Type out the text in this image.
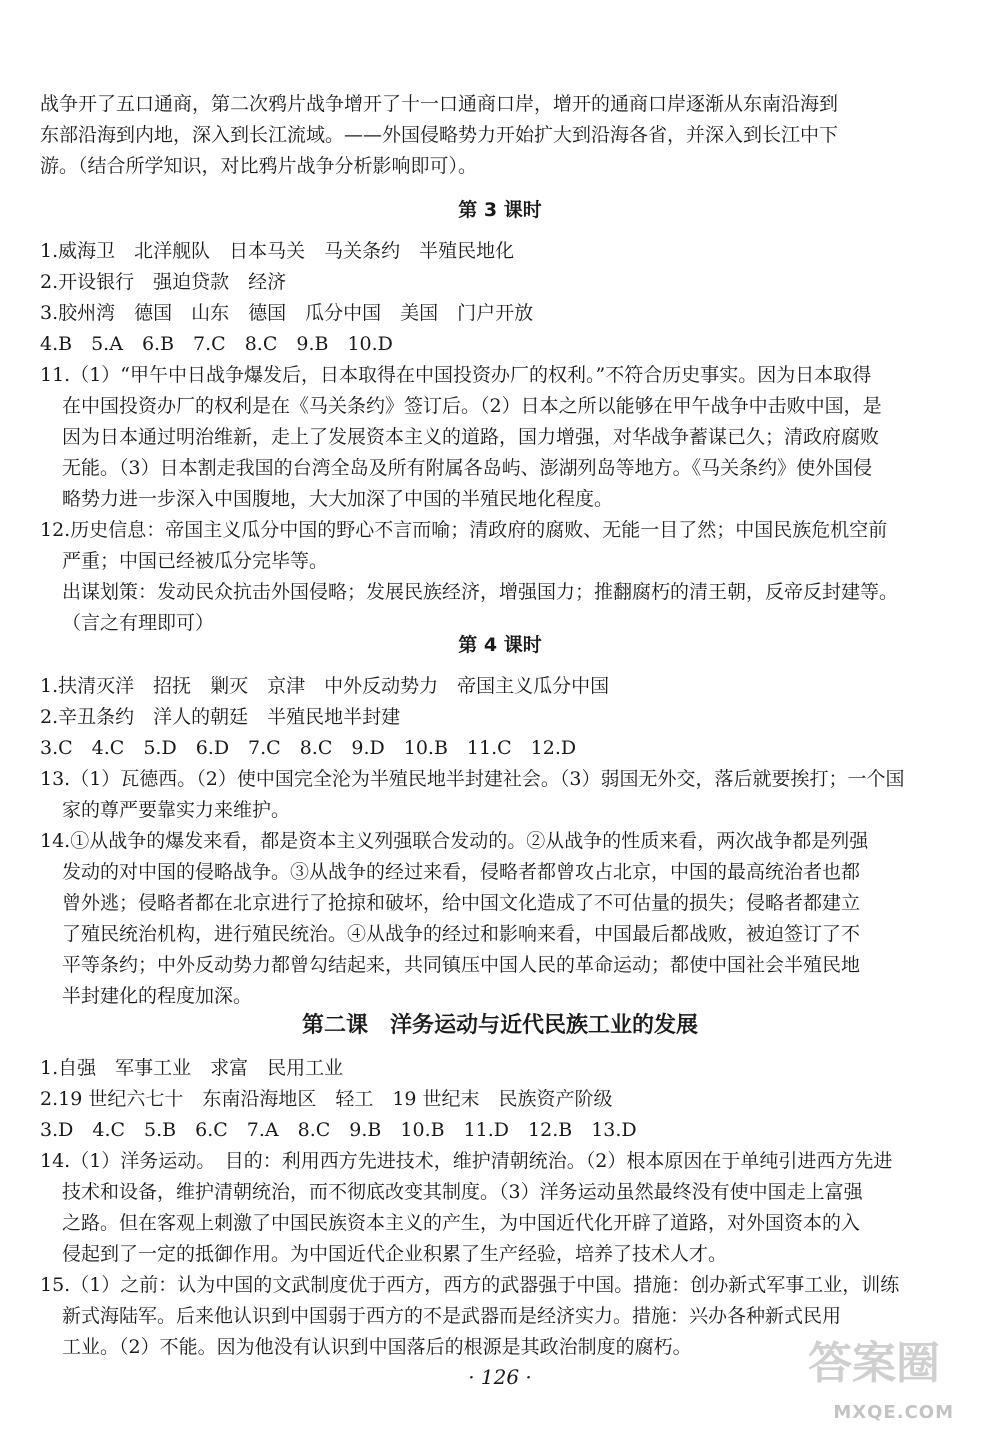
战争开了五口通商，第二次鸦片战争增开了十一口通商口岸，增开的通商口岸逐渐从东南沿海到

东部沿海到内地，深入到长江流域。——外国侵略势力开始扩大到沿海各省，并深入到长江中下

游。（结合所学知识，对比鸦片战争分析影响即可）。

第 3 课时

1.威海卫　北洋舰队　日本马关　马关条约　半殖民地化

2.开设银行　强迫贷款　经济

3.胶州湾　德国　山东　德国　瓜分中国　美国　门户开放

4.B　5.A　6.B　7.C　8.C　9.B　10.D

11.（1）“甲午中日战争爆发后，日本取得在中国投资办厂的权利。”不符合历史事实。因为日本取得

在中国投资办厂的权利是在《马关条约》签订后。（2）日本之所以能够在甲午战争中击败中国，是

因为日本通过明治维新，走上了发展资本主义的道路，国力增强，对华战争蓄谋已久；清政府腐败

无能。（3）日本割走我国的台湾全岛及所有附属各岛屿、澎湖列岛等地方。《马关条约》使外国侵

略势力进一步深入中国腹地，大大加深了中国的半殖民地化程度。

12.历史信息：帝国主义瓜分中国的野心不言而喻；清政府的腐败、无能一目了然；中国民族危机空前

严重；中国已经被瓜分完毕等。

出谋划策：发动民众抗击外国侵略；发展民族经济，增强国力；推翻腐朽的清王朝，反帝反封建等。

（言之有理即可）

第 4 课时

1.扶清灭洋　招抚　剿灭　京津　中外反动势力　帝国主义瓜分中国

2.辛丑条约　洋人的朝廷　半殖民地半封建

3.C　4.C　5.D　6.D　7.C　8.C　9.D　10.B　11.C　12.D

13.（1）瓦德西。（2）使中国完全沦为半殖民地半封建社会。（3）弱国无外交，落后就要挨打；一个国

家的尊严要靠实力来维护。

14.①从战争的爆发来看，都是资本主义列强联合发动的。②从战争的性质来看，两次战争都是列强

发动的对中国的侵略战争。③从战争的经过来看，侵略者都曾攻占北京，中国的最高统治者也都

曾外逃；侵略者都在北京进行了抢掠和破坏，给中国文化造成了不可估量的损失；侵略者都建立

了殖民统治机构，进行殖民统治。④从战争的经过和影响来看，中国最后都战败，被迫签订了不

平等条约；中外反动势力都曾勾结起来，共同镇压中国人民的革命运动；都使中国社会半殖民地

半封建化的程度加深。

第二课　洋务运动与近代民族工业的发展

1.自强　军事工业　求富　民用工业

2.19 世纪六七十　东南沿海地区　轻工　19 世纪末　民族资产阶级

3.D　4.C　5.B　6.C　7.A　8.C　9.B　10.B　11.D　12.B　13.D

14.（1）洋务运动。　目的：利用西方先进技术，维护清朝统治。（2）根本原因在于单纯引进西方先进

技术和设备，维护清朝统治，而不彻底改变其制度。（3）洋务运动虽然最终没有使中国走上富强

之路。但在客观上刺激了中国民族资本主义的产生，为中国近代化开辟了道路，对外国资本的入

侵起到了一定的抵御作用。为中国近代企业积累了生产经验，培养了技术人才。

15.（1）之前：认为中国的文武制度优于西方，西方的武器强于中国。措施：创办新式军事工业，训练

新式海陆军。后来他认识到中国弱于西方的不是武器而是经济实力。措施：兴办各种新式民用

工业。（2）不能。因为他没有认识到中国落后的根源是其政治制度的腐朽。

· 126 ·	答案圈
MXQE.COM
